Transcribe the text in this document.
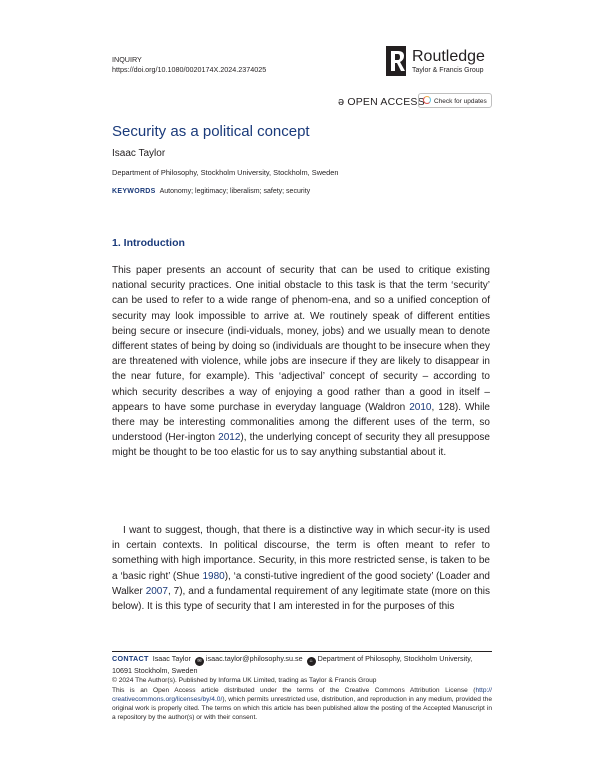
INQUIRY
https://doi.org/10.1080/0020174X.2024.2374025
Routledge
Taylor & Francis Group
ə OPEN ACCESS	Check for updates
Security as a political concept
Isaac Taylor
Department of Philosophy, Stockholm University, Stockholm, Sweden
KEYWORDS Autonomy; legitimacy; liberalism; safety; security
1. Introduction
This paper presents an account of security that can be used to critique existing national security practices. One initial obstacle to this task is that the term ‘security’ can be used to refer to a wide range of phenom-ena, and so a unified conception of security may look impossible to arrive at. We routinely speak of different entities being secure or insecure (indi-viduals, money, jobs) and we usually mean to denote different states of being by doing so (individuals are thought to be insecure when they are threatened with violence, while jobs are insecure if they are likely to disappear in the near future, for example). This ‘adjectival’ concept of security – according to which security describes a way of enjoying a good rather than a good in itself – appears to have some purchase in everyday language (Waldron 2010, 128). While there may be interesting commonalities among the different uses of the term, so understood (Her-ington 2012), the underlying concept of security they all presuppose might be thought to be too elastic for us to say anything substantial about it.
I want to suggest, though, that there is a distinctive way in which secur-ity is used in certain contexts. In political discourse, the term is often meant to refer to something with high importance. Security, in this more restricted sense, is taken to be a ‘basic right’ (Shue 1980), ‘a consti-tutive ingredient of the good society’ (Loader and Walker 2007, 7), and a fundamental requirement of any legitimate state (more on this below). It is this type of security that I am interested in for the purposes of this
CONTACT Isaac Taylor ✉ isaac.taylor@philosophy.su.se ⌂ Department of Philosophy, Stockholm University, 10691 Stockholm, Sweden
© 2024 The Author(s). Published by Informa UK Limited, trading as Taylor & Francis Group
This is an Open Access article distributed under the terms of the Creative Commons Attribution License (http:// creativecommons.org/licenses/by/4.0/), which permits unrestricted use, distribution, and reproduction in any medium, provided the original work is properly cited. The terms on which this article has been published allow the posting of the Accepted Manuscript in a repository by the author(s) or with their consent.
